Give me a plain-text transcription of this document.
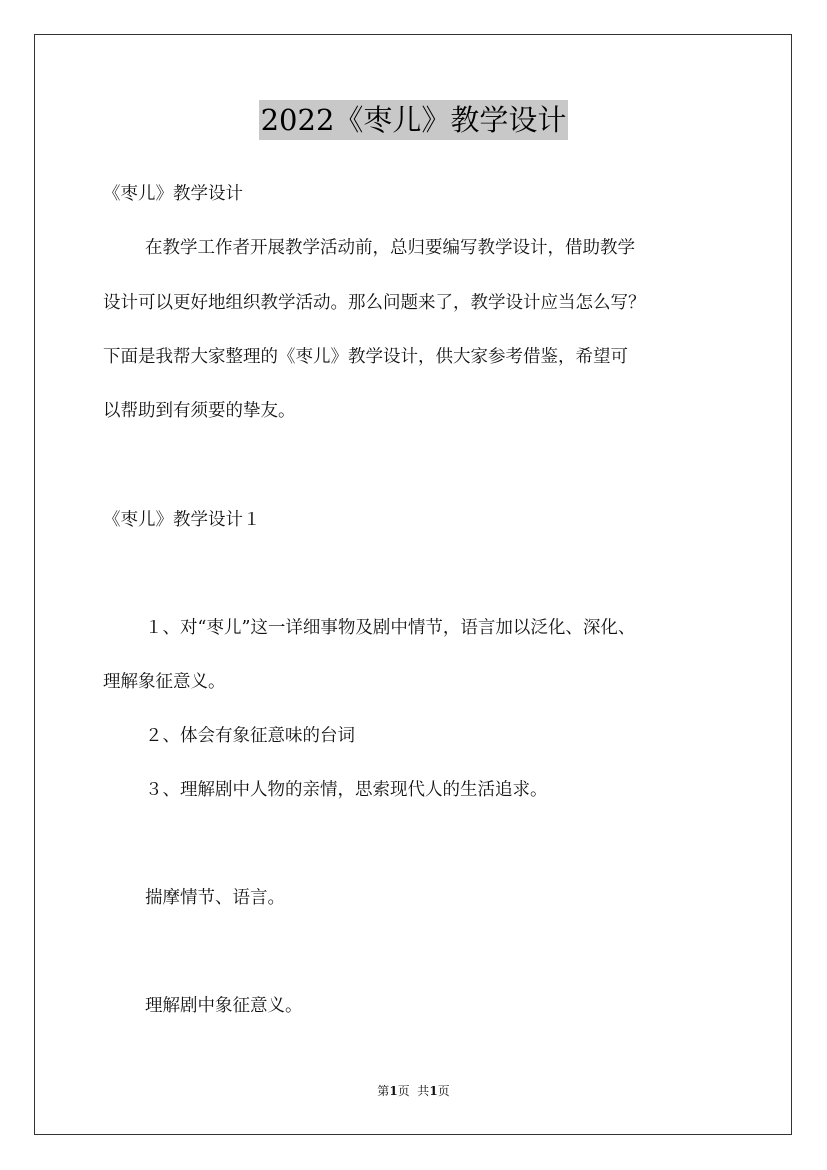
2022《枣儿》教学设计
《枣儿》教学设计
在教学工作者开展教学活动前，总归要编写教学设计，借助教学
设计可以更好地组织教学活动。那么问题来了，教学设计应当怎么写？
下面是我帮大家整理的《枣儿》教学设计，供大家参考借鉴，希望可
以帮助到有须要的挚友。
《枣儿》教学设计１
１、对“枣儿”这一详细事物及剧中情节，语言加以泛化、深化、
理解象征意义。
２、体会有象征意味的台词
３、理解剧中人物的亲情，思索现代人的生活追求。
揣摩情节、语言。
理解剧中象征意义。
第1页  共1页
